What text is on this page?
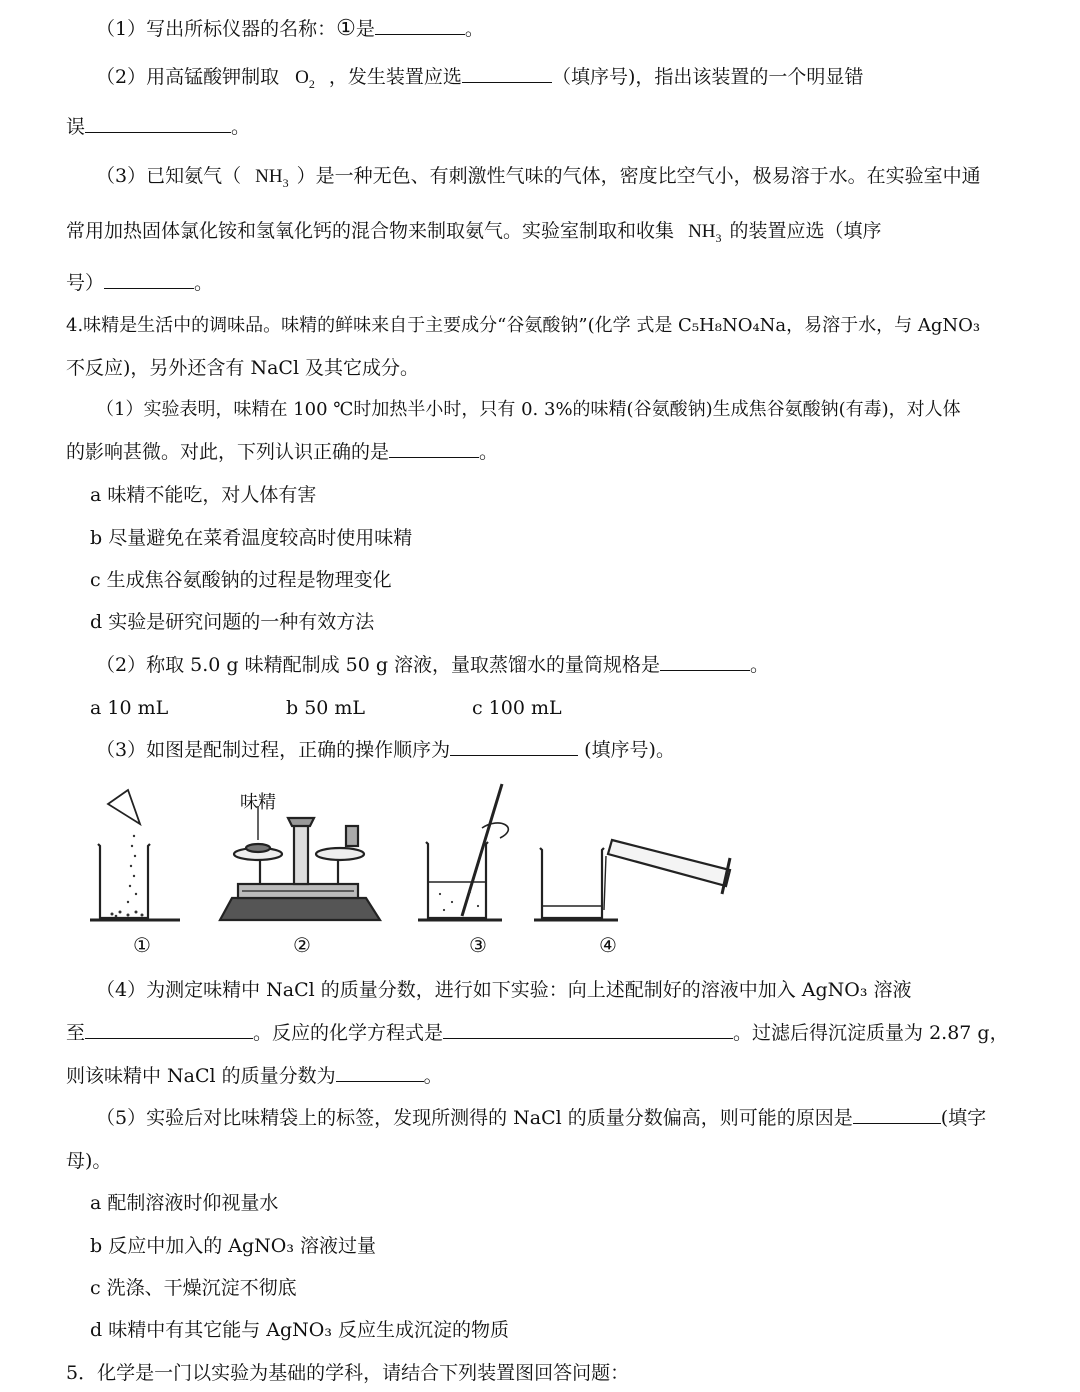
（1）写出所标仪器的名称：①是	。
（2）用高锰酸钾制取 $O_2$ ，发生装置应选	（填序号)，指出该装置的一个明显错
误	。
（3）已知氨气（ $NH_3$ ）是一种无色、有刺激性气味的气体，密度比空气小，极易溶于水。在实验室中通
常用加热固体氯化铵和氢氧化钙的混合物来制取氨气。实验室制取和收集 $NH_3$ 的装置应选（填序
号）	。
4.味精是生活中的调味品。味精的鲜味来自于主要成分“谷氨酸钠”(化学 式是 C₅H₈NO₄Na，易溶于水，与 AgNO₃
不反应)，另外还含有 NaCl 及其它成分。
（1）实验表明，味精在 100 ℃时加热半小时，只有 0. 3%的味精(谷氨酸钠)生成焦谷氨酸钠(有毒)，对人体
的影响甚微。对此，下列认识正确的是	。
a 味精不能吃，对人体有害
b 尽量避免在菜肴温度较高时使用味精
c 生成焦谷氨酸钠的过程是物理变化
d 实验是研究问题的一种有效方法
（2）称取 5.0 g 味精配制成 50 g 溶液，量取蒸馏水的量筒规格是	。
a 10 mL	b 50 mL	c 100 mL
（3）如图是配制过程，正确的操作顺序为	(填序号)。
味精
①	②	③	④
（4）为测定味精中 NaCl 的质量分数，进行如下实验：向上述配制好的溶液中加入 AgNO₃ 溶液
至	。反应的化学方程式是	。过滤后得沉淀质量为 2.87 g，
则该味精中 NaCl 的质量分数为	。
（5）实验后对比味精袋上的标签，发现所测得的 NaCl 的质量分数偏高，则可能的原因是	(填字
母)。
a 配制溶液时仰视量水
b 反应中加入的 AgNO₃ 溶液过量
c 洗涤、干燥沉淀不彻底
d 味精中有其它能与 AgNO₃ 反应生成沉淀的物质
5．化学是一门以实验为基础的学科，请结合下列装置图回答问题：
